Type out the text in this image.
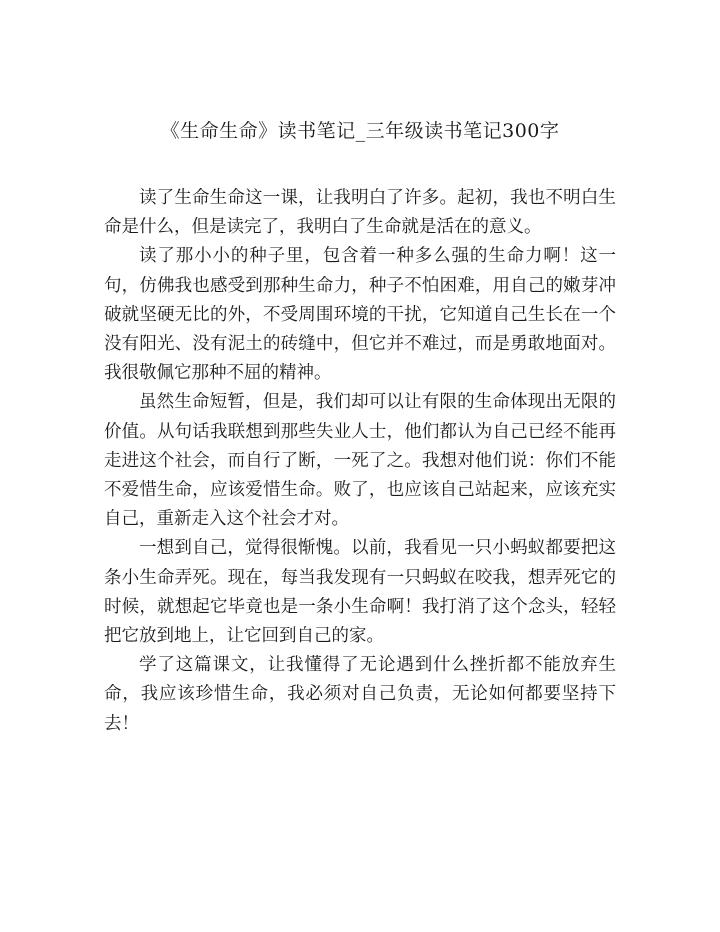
《生命生命》读书笔记_三年级读书笔记300字

读了生命生命这一课，让我明白了许多。起初，我也不明白生命是什么，但是读完了，我明白了生命就是活在的意义。

读了那小小的种子里，包含着一种多么强的生命力啊！这一句，仿佛我也感受到那种生命力，种子不怕困难，用自己的嫩芽冲破就坚硬无比的外，不受周围环境的干扰，它知道自己生长在一个没有阳光、没有泥土的砖缝中，但它并不难过，而是勇敢地面对。我很敬佩它那种不屈的精神。

虽然生命短暂，但是，我们却可以让有限的生命体现出无限的价值。从句话我联想到那些失业人士，他们都认为自己已经不能再走进这个社会，而自行了断，一死了之。我想对他们说：你们不能不爱惜生命，应该爱惜生命。败了，也应该自己站起来，应该充实自己，重新走入这个社会才对。

一想到自己，觉得很惭愧。以前，我看见一只小蚂蚁都要把这条小生命弄死。现在，每当我发现有一只蚂蚁在咬我，想弄死它的时候，就想起它毕竟也是一条小生命啊！我打消了这个念头，轻轻把它放到地上，让它回到自己的家。

学了这篇课文，让我懂得了无论遇到什么挫折都不能放弃生命，我应该珍惜生命，我必须对自己负责，无论如何都要坚持下去！
